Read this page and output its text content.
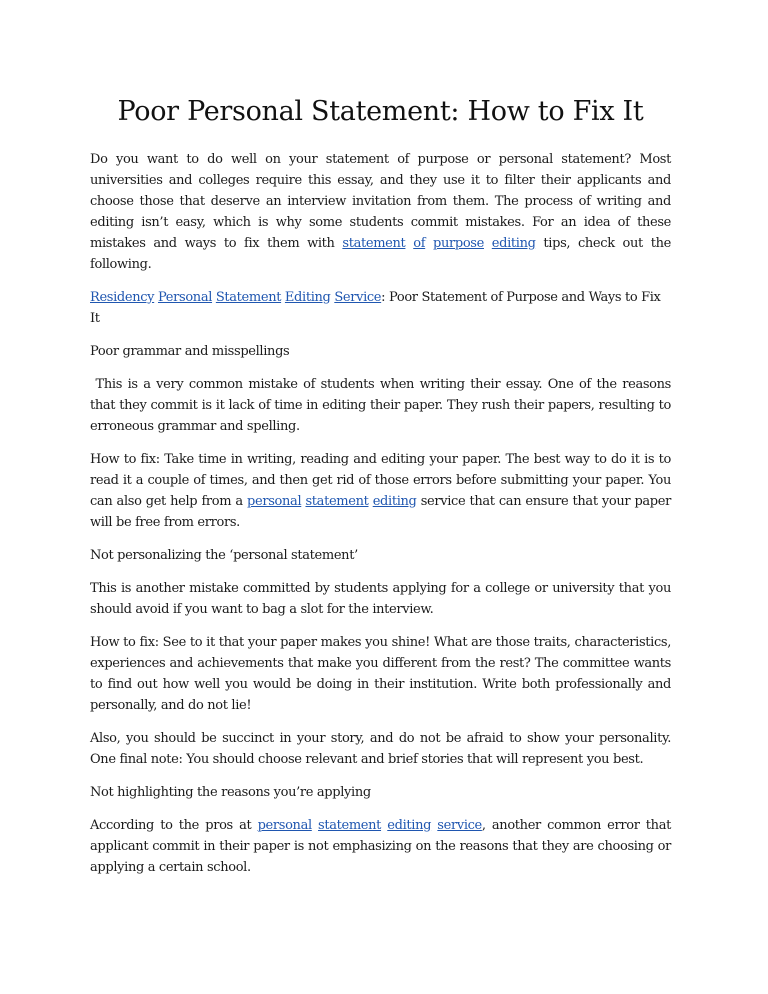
Poor Personal Statement: How to Fix It

Do you want to do well on your statement of purpose or personal statement? Most universities and colleges require this essay, and they use it to filter their applicants and choose those that deserve an interview invitation from them. The process of writing and editing isn’t easy, which is why some students commit mistakes. For an idea of these mistakes and ways to fix them with statement of purpose editing tips, check out the following.

Residency Personal Statement Editing Service: Poor Statement of Purpose and Ways to Fix It

Poor grammar and misspellings

This is a very common mistake of students when writing their essay. One of the reasons that they commit is it lack of time in editing their paper. They rush their papers, resulting to erroneous grammar and spelling.

How to fix: Take time in writing, reading and editing your paper. The best way to do it is to read it a couple of times, and then get rid of those errors before submitting your paper. You can also get help from a personal statement editing service that can ensure that your paper will be free from errors.

Not personalizing the ‘personal statement’

This is another mistake committed by students applying for a college or university that you should avoid if you want to bag a slot for the interview.

How to fix: See to it that your paper makes you shine! What are those traits, characteristics, experiences and achievements that make you different from the rest? The committee wants to find out how well you would be doing in their institution. Write both professionally and personally, and do not lie!

Also, you should be succinct in your story, and do not be afraid to show your personality. One final note: You should choose relevant and brief stories that will represent you best.

Not highlighting the reasons you’re applying

According to the pros at personal statement editing service, another common error that applicant commit in their paper is not emphasizing on the reasons that they are choosing or applying a certain school.
